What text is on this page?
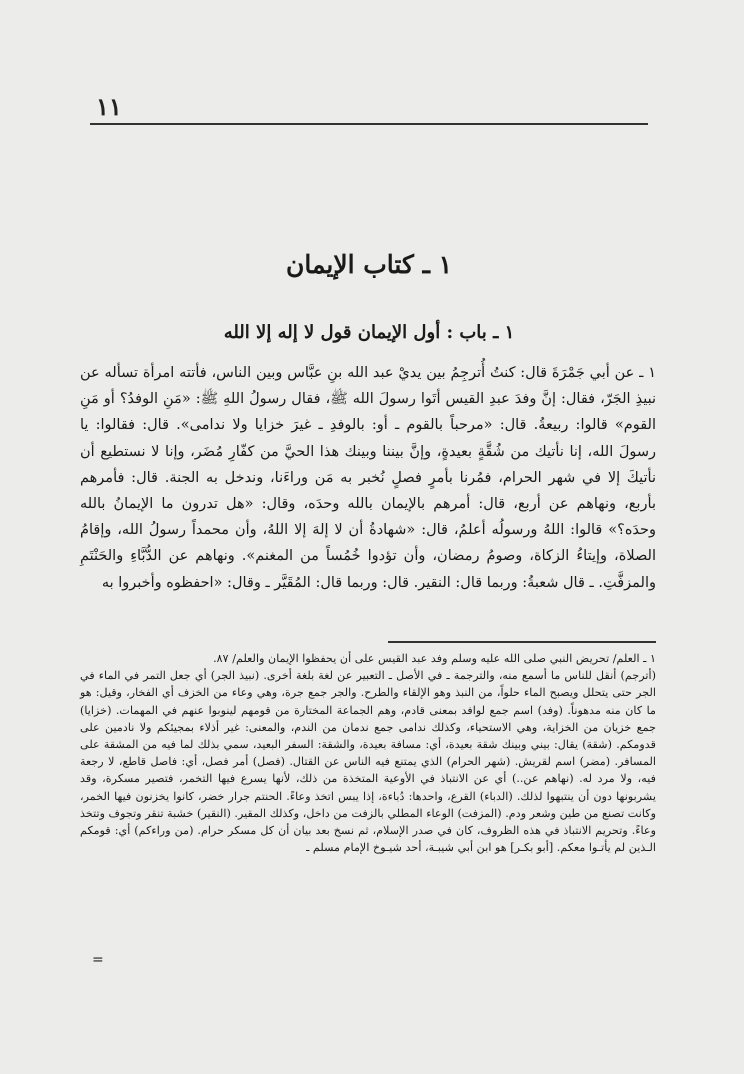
١١
١ ـ كتاب الإيمان
١ ـ باب : أول الإيمان قول لا إله إلا الله

١ ـ عن أبي جَمْرَةَ قال: كنتُ أُترجِمُ بين يديْ عبد الله بنِ عبَّاس وبين الناس، فأتته امرأة تسأله عن نبيذِ الجَرّ، فقال: إنَّ وفدَ عبدِ القيس أتَوا رسولَ الله ﷺ، فقال رسولُ اللهِ ﷺ: «مَنِ الوفدُ؟ أو مَنِ القوم» قالوا: ربيعةُ. قال: «مرحباً بالقوم ـ أو: بالوفدِ ـ غيرَ خزايا ولا ندامى». قال: فقالوا: يا رسولَ الله، إنا نأتيك من شُقَّةٍ بعيدةٍ، وإنَّ بيننا وبينك هذا الحيَّ من كفّارِ مُضَر، وإنا لا نستطيع أن نأتيكَ إلا في شهر الحرام، فمُرنا بأمرٍ فصلٍ نُخبر به مَن وراءَنا، وندخل به الجنة. قال: فأمرهم بأربع، ونهاهم عن أربع، قال: أمرهم بالإيمان بالله وحدَه، وقال: «هل تدرون ما الإيمانُ بالله وحدَه؟» قالوا: اللهُ ورسولُه أعلمُ، قال: «شهادةُ أن لا إلهَ إلا اللهُ، وأن محمداً رسولُ الله، وإقامُ الصلاة، وإيتاءُ الزكاة، وصومُ رمضان، وأن تؤدوا خُمُساً من المغنم». ونهاهم عن الدُّبَّاءِ والحَنْتَمِ والمزفَّتِ. ـ قال شعبةُ: وربما قال: النقير. قال: وربما قال: المُقَيَّر ـ وقال: «احفظوه وأخبروا به

١ ـ العلم/ تحريض النبي صلى الله عليه وسلم وفد عبد القيس على أن يحفظوا الإيمان والعلم/ ٨٧.

(أترجم) أنقل للناس ما أسمع منه، والترجمة ـ في الأصل ـ التعبير عن لغة بلغة أخرى. (نبيذ الجر) أي جعل التمر في الماء في الجر حتى يتحلل ويصبح الماء حلواً، من النبذ وهو الإلقاء والطرح. والجر جمع جرة، وهي وعاء من الخزف أي الفخار، وقيل: هو ما كان منه مدهوناً. (وفد) اسم جمع لوافد بمعنى قادم، وهم الجماعة المختارة من قومهم لينوبوا عنهم في المهمات. (خزايا) جمع خزيان من الخزاية، وهي الاستحياء، وكذلك ندامى جمع ندمان من الندم، والمعنى: غير أذلاء بمجيئكم ولا نادمين على قدومكم. (شقة) يقال: بيني وبينك شقة بعيدة، أي: مسافة بعيدة، والشقة: السفر البعيد، سمي بذلك لما فيه من المشقة على المسافر. (مضر) اسم لقريش. (شهر الحرام) الذي يمتنع فيه الناس عن القتال. (فصل) أمر فصل، أي: فاصل قاطع، لا رجعة فيه، ولا مرد له. (نهاهم عن..) أي عن الانتباذ في الأوعية المتخذة من ذلك، لأنها يسرع فيها التخمر، فتصير مسكرة، وقد يشربونها دون أن ينتبهوا لذلك. (الدباء) القرع، واحدها: دُباءة، إذا يبس اتخذ وعاءً. الحنتم جرار خضر، كانوا يخزنون فيها الخمر، وكانت تصنع من طين وشعر ودم. (المزفت) الوعاء المطلي بالزفت من داخل، وكذلك المقير. (النقير) خشبة تنقر وتجوف وتتخذ وعاءً. وتحريم الانتباذ في هذه الظروف، كان في صدر الإسلام، ثم نسخ بعد بيان أن كل مسكر حرام. (من وراءكم) أي: قومكم الـذين لم يأتـوا معكم. [أبو بكـر] هو ابن أبي شيبـة، أحد شيـوخ الإمام مسلم ـ

=
